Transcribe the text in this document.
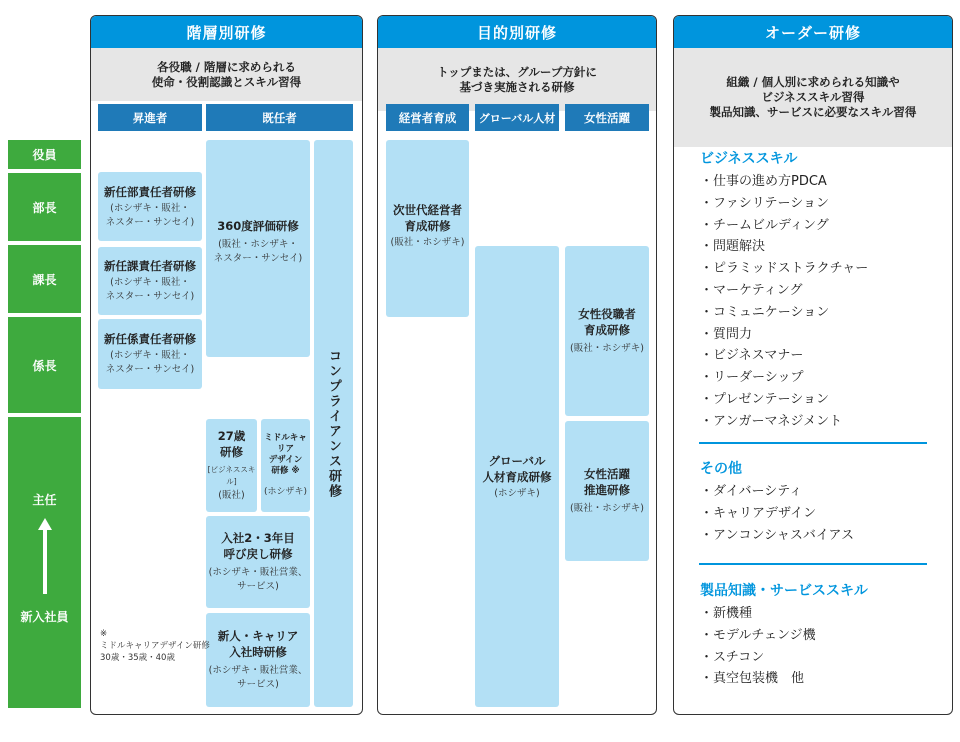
役員
部長
課長
係長
主任
新入社員
階層別研修
各役職 / 階層に求められる
使命・役割認識とスキル習得
昇進者	既任者
新任部責任者研修
(ホシザキ・販社・
ネスター・サンセイ)
新任課責任者研修
(ホシザキ・販社・
ネスター・サンセイ)
新任係責任者研修
(ホシザキ・販社・
ネスター・サンセイ)
360度評価研修
(販社・ホシザキ・
ネスター・サンセイ)
27歳
研修
[ビジネススキル]
(販社)
ミドルキャリア
デザイン
研修 ※
(ホシザキ)
入社2・3年目
呼び戻し研修
(ホシザキ・販社営業、
サービス)
新人・キャリア
入社時研修
(ホシザキ・販社営業、
サービス)
コンプライアンス研修
※
ミドルキャリアデザイン研修
30歳・35歳・40歳
目的別研修
トップまたは、グループ方針に
基づき実施される研修
経営者育成	グローバル人材	女性活躍
次世代経営者
育成研修
(販社・ホシザキ)
グローバル
人材育成研修
(ホシザキ)
女性役職者
育成研修
(販社・ホシザキ)
女性活躍
推進研修
(販社・ホシザキ)
オーダー研修
組織 / 個人別に求められる知識や
ビジネススキル習得
製品知識、サービスに必要なスキル習得
ビジネススキル
・仕事の進め方PDCA
・ファシリテーション
・チームビルディング
・問題解決
・ピラミッドストラクチャー
・マーケティング
・コミュニケーション
・質問力
・ビジネスマナー
・リーダーシップ
・プレゼンテーション
・アンガーマネジメント
その他
・ダイバーシティ
・キャリアデザイン
・アンコンシャスバイアス
製品知識・サービススキル
・新機種
・モデルチェンジ機
・スチコン
・真空包装機　他
